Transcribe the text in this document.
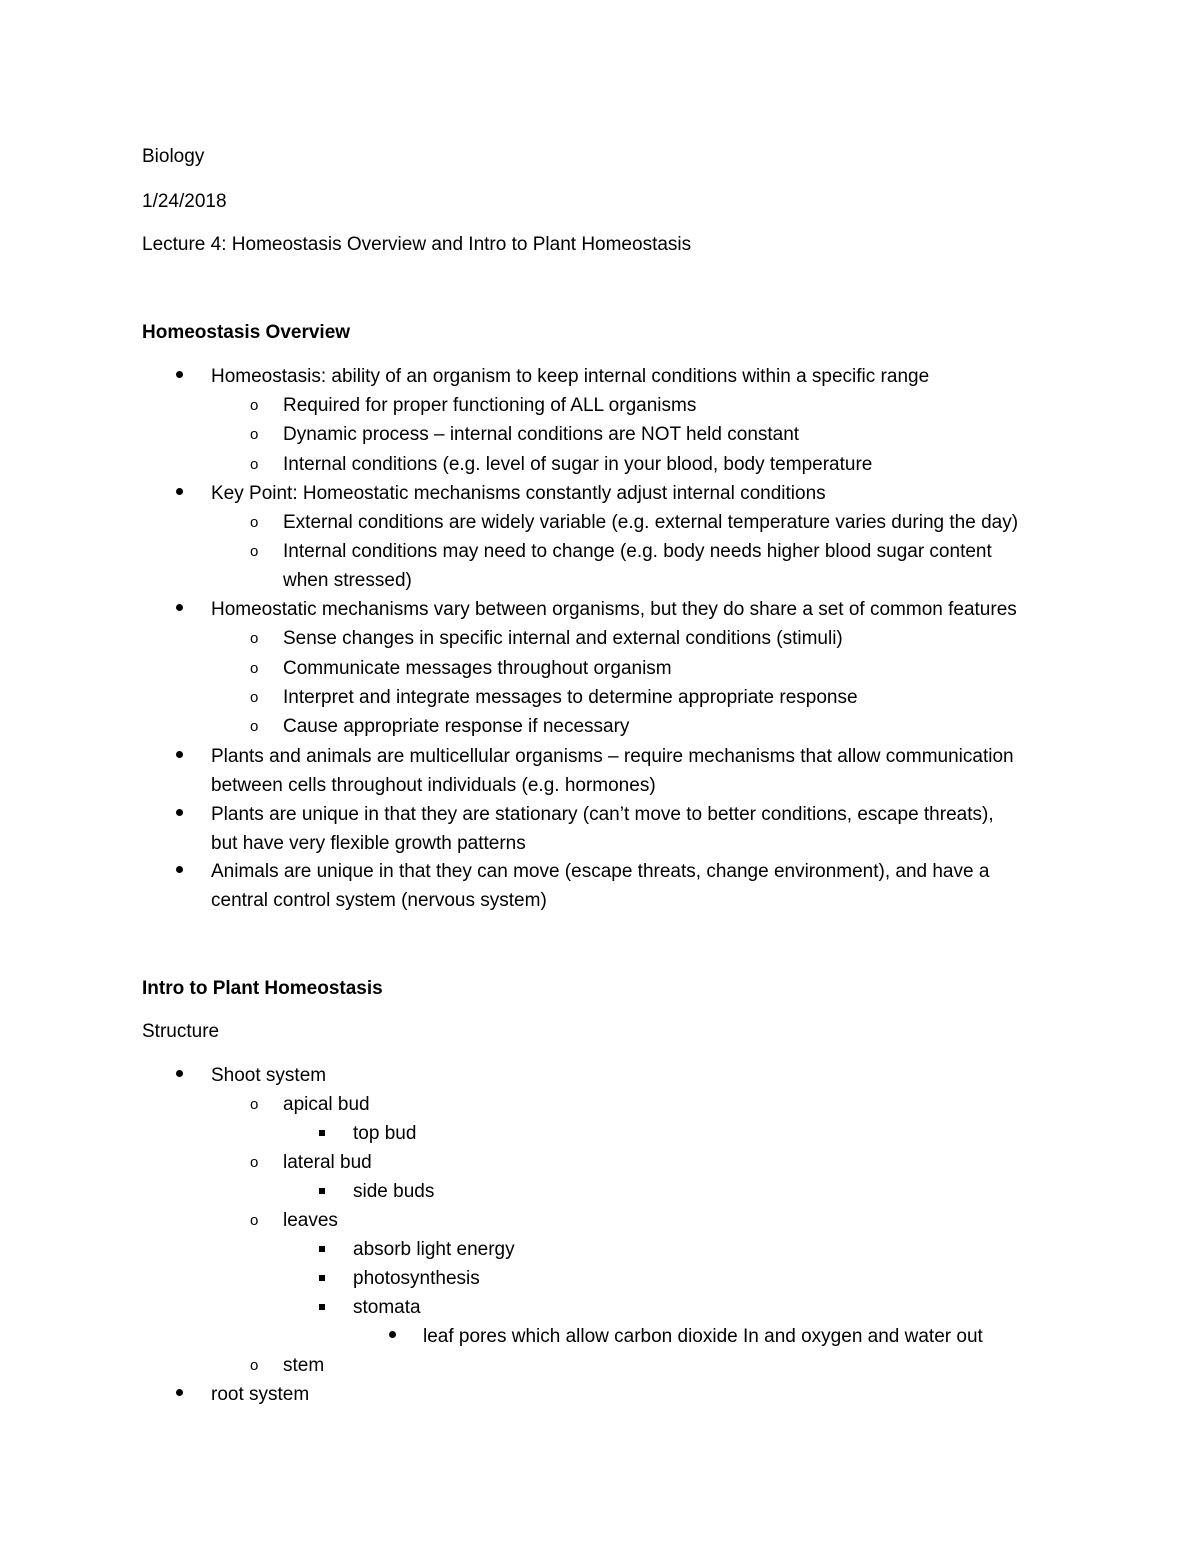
Biology
1/24/2018
Lecture 4: Homeostasis Overview and Intro to Plant Homeostasis
Homeostasis Overview
Homeostasis: ability of an organism to keep internal conditions within a specific range
o Required for proper functioning of ALL organisms
o Dynamic process – internal conditions are NOT held constant
o Internal conditions (e.g. level of sugar in your blood, body temperature
Key Point: Homeostatic mechanisms constantly adjust internal conditions
o External conditions are widely variable (e.g. external temperature varies during the day)
o Internal conditions may need to change (e.g. body needs higher blood sugar content
when stressed)
Homeostatic mechanisms vary between organisms, but they do share a set of common features
o Sense changes in specific internal and external conditions (stimuli)
o Communicate messages throughout organism
o Interpret and integrate messages to determine appropriate response
o Cause appropriate response if necessary
Plants and animals are multicellular organisms – require mechanisms that allow communication
between cells throughout individuals (e.g. hormones)
Plants are unique in that they are stationary (can’t move to better conditions, escape threats),
but have very flexible growth patterns
Animals are unique in that they can move (escape threats, change environment), and have a
central control system (nervous system)
Intro to Plant Homeostasis
Structure
Shoot system
o apical bud
top bud
o lateral bud
side buds
o leaves
absorb light energy
photosynthesis
stomata
leaf pores which allow carbon dioxide In and oxygen and water out
o stem
root system
